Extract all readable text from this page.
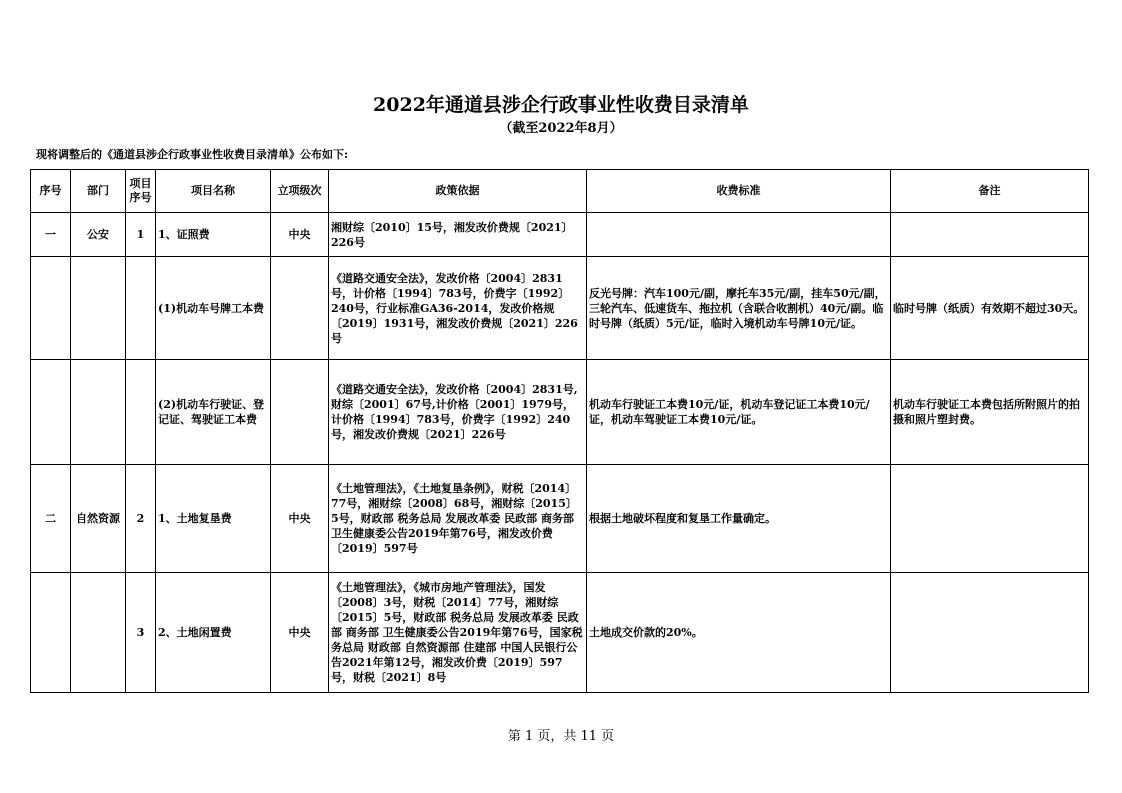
2022年通道县涉企行政事业性收费目录清单
（截至2022年8月）
现将调整后的《通道县涉企行政事业性收费目录清单》公布如下:
序号	部门	项目序号	项目名称	立项级次	政策依据	收费标准	备注
一	公安	1	1、证照费	中央	湘财综〔2010〕15号，湘发改价费规〔2021〕226号		
			(1)机动车号牌工本费		《道路交通安全法》，发改价格〔2004〕2831号，计价格〔1994〕783号，价费字〔1992〕240号，行业标准GA36-2014，发改价格规〔2019〕1931号，湘发改价费规〔2021〕226号	反光号牌：汽车100元/副，摩托车35元/副，挂车50元/副，三轮汽车、低速货车、拖拉机（含联合收割机）40元/副。临时号牌（纸质）5元/证，临时入境机动车号牌10元/证。	临时号牌（纸质）有效期不超过30天。
			(2)机动车行驶证、登记证、驾驶证工本费		《道路交通安全法》，发改价格〔2004〕2831号,财综〔2001〕67号,计价格〔2001〕1979号，计价格〔1994〕783号，价费字〔1992〕240号，湘发改价费规〔2021〕226号	机动车行驶证工本费10元/证，机动车登记证工本费10元/证，机动车驾驶证工本费10元/证。	机动车行驶证工本费包括所附照片的拍摄和照片塑封费。
二	自然资源	2	1、土地复垦费	中央	《土地管理法》，《土地复垦条例》，财税〔2014〕77号，湘财综〔2008〕68号，湘财综〔2015〕5号，财政部 税务总局 发展改革委 民政部 商务部 卫生健康委公告2019年第76号，湘发改价费〔2019〕597号	根据土地破坏程度和复垦工作量确定。	
		3	2、土地闲置费	中央	《土地管理法》，《城市房地产管理法》，国发〔2008〕3号，财税〔2014〕77号，湘财综〔2015〕5号，财政部 税务总局 发展改革委 民政部 商务部 卫生健康委公告2019年第76号，国家税务总局 财政部 自然资源部 住建部 中国人民银行公告2021年第12号，湘发改价费〔2019〕597号，财税〔2021〕8号	土地成交价款的20%。	
第 1 页，共 11 页
